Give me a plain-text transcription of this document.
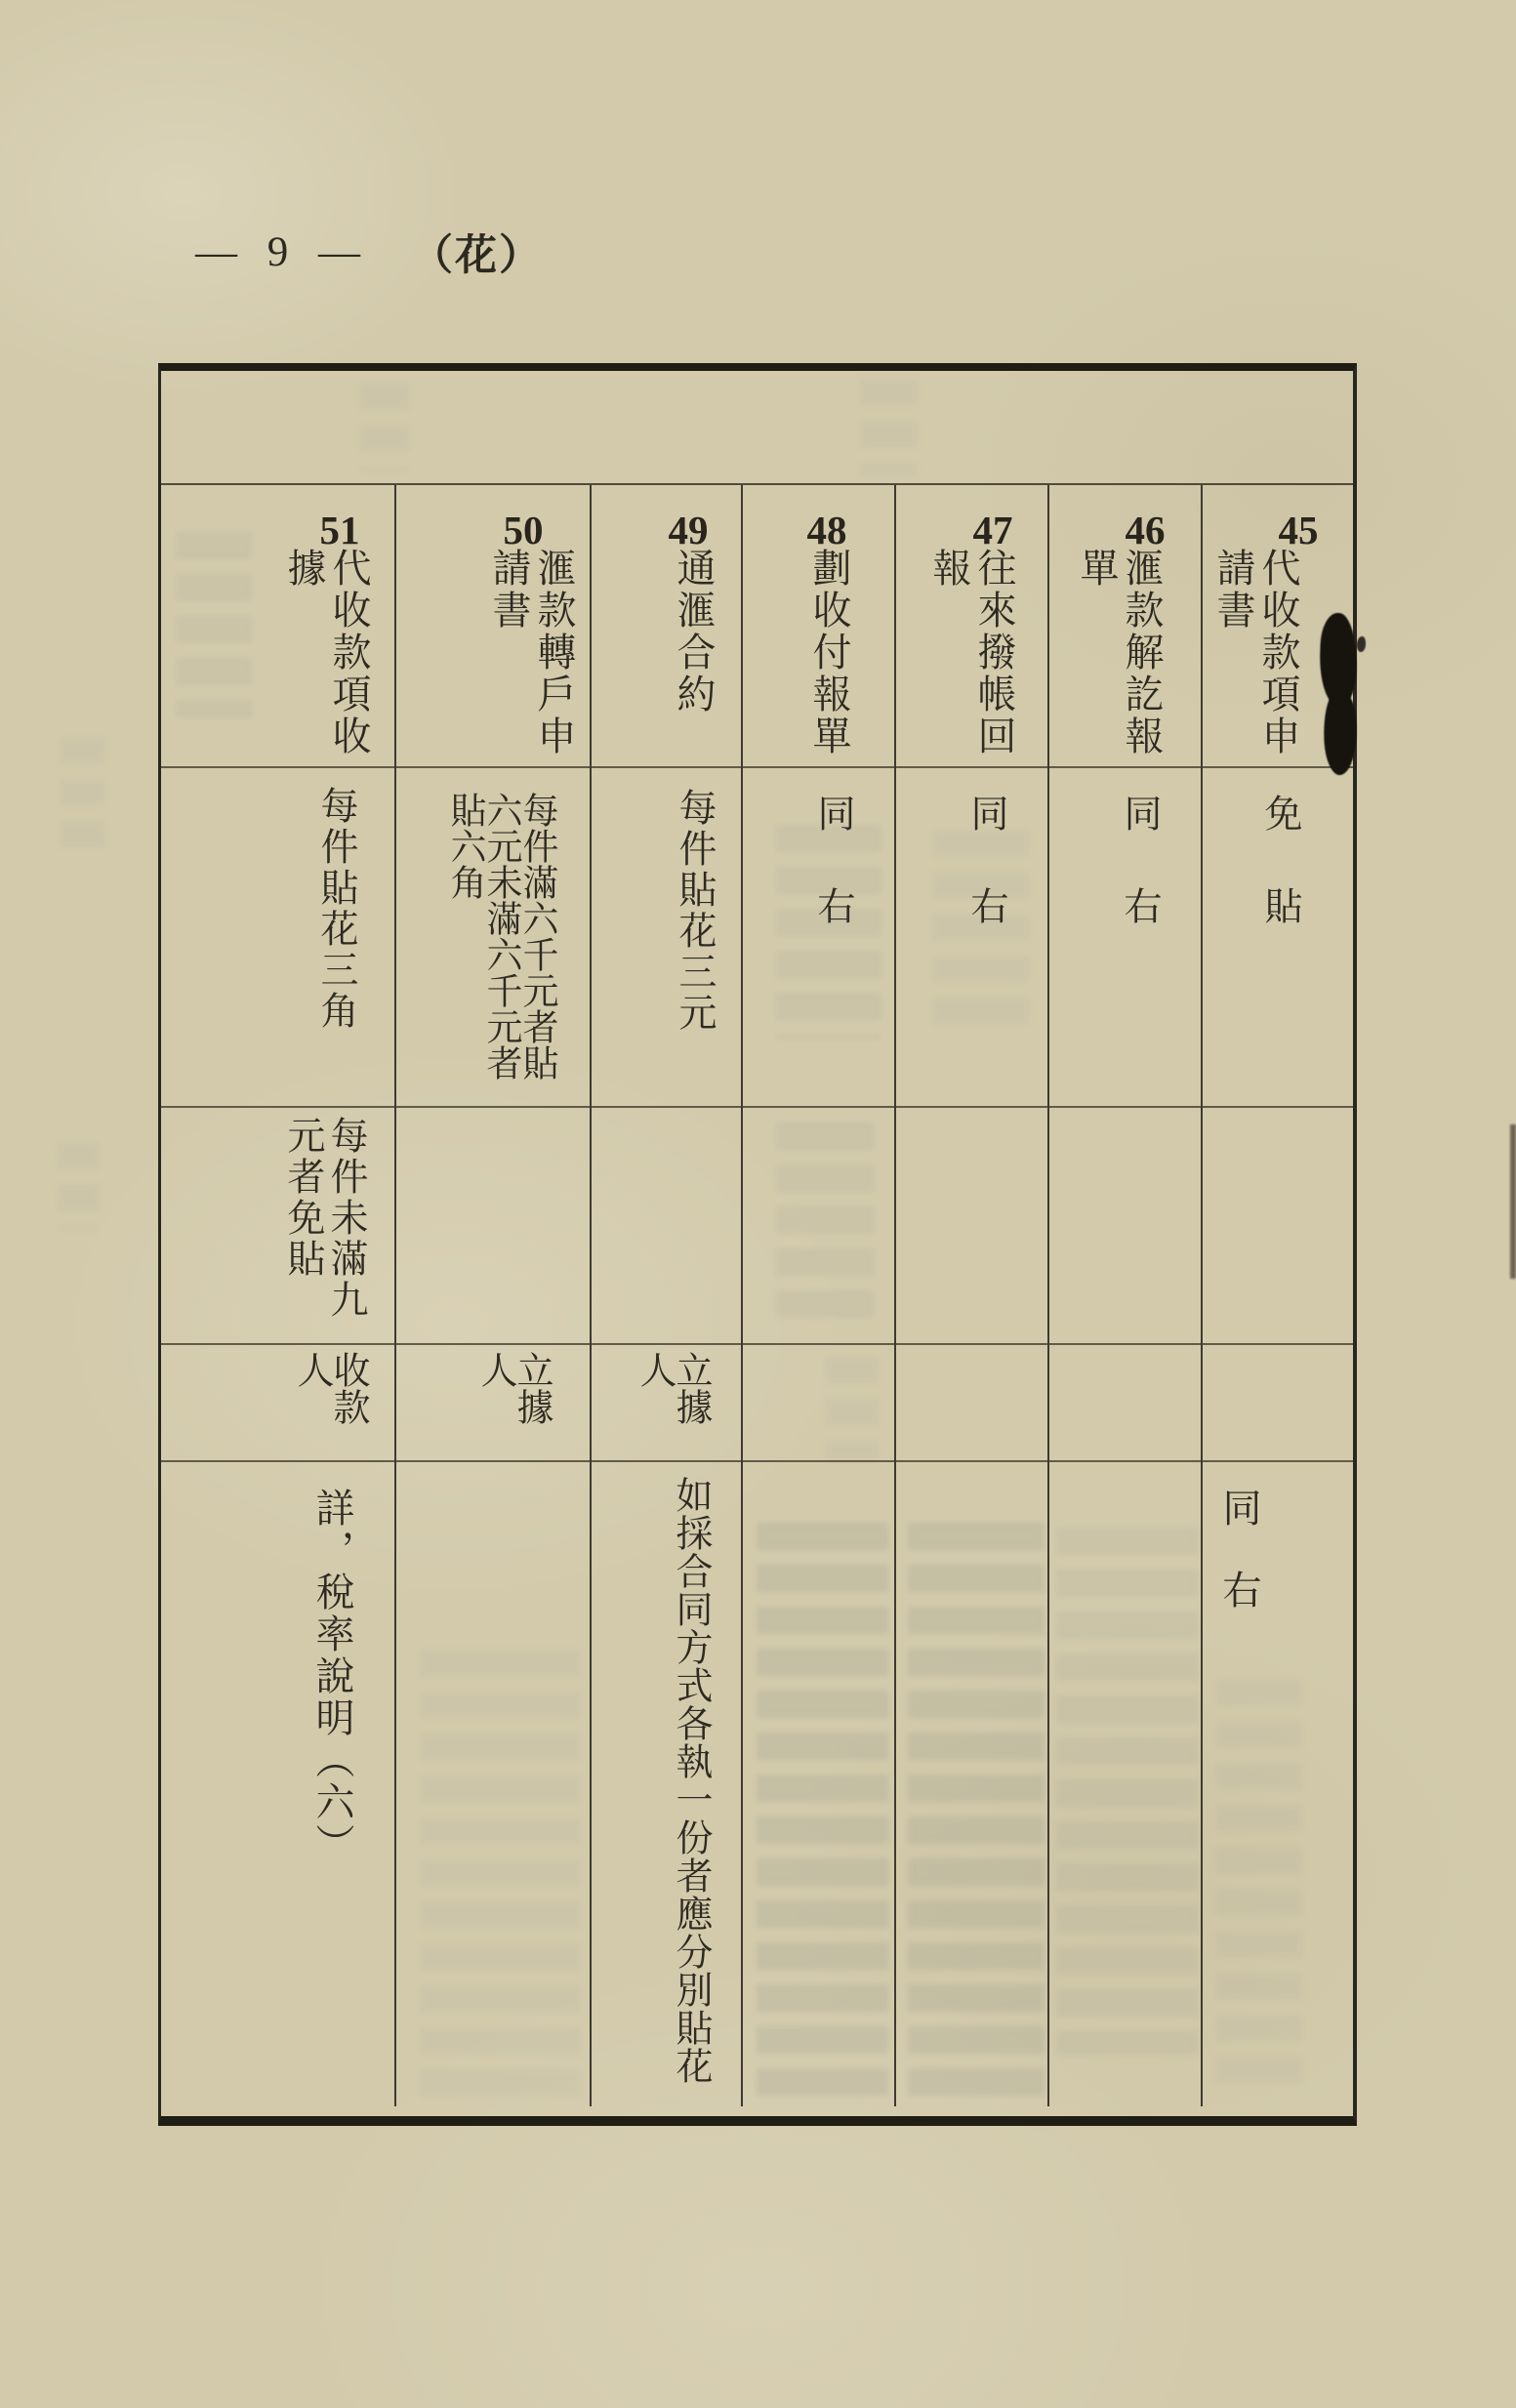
— 9 — （花）
51
代收款項收據
每件貼花三角
每件未滿九元者免貼
收款人
詳，稅率說明（六）
50
滙款轉戶申請書
每件滿六千元者貼六元未滿六千元者貼六角
立據人
49
通滙合約
每件貼花三元
立據人
如採合同方式各執一份者應分別貼花
48
劃收付報單
同右
47
往來撥帳回報
同右
46
滙款解訖報單
同右
45
代收款項申請書
免貼
同右
